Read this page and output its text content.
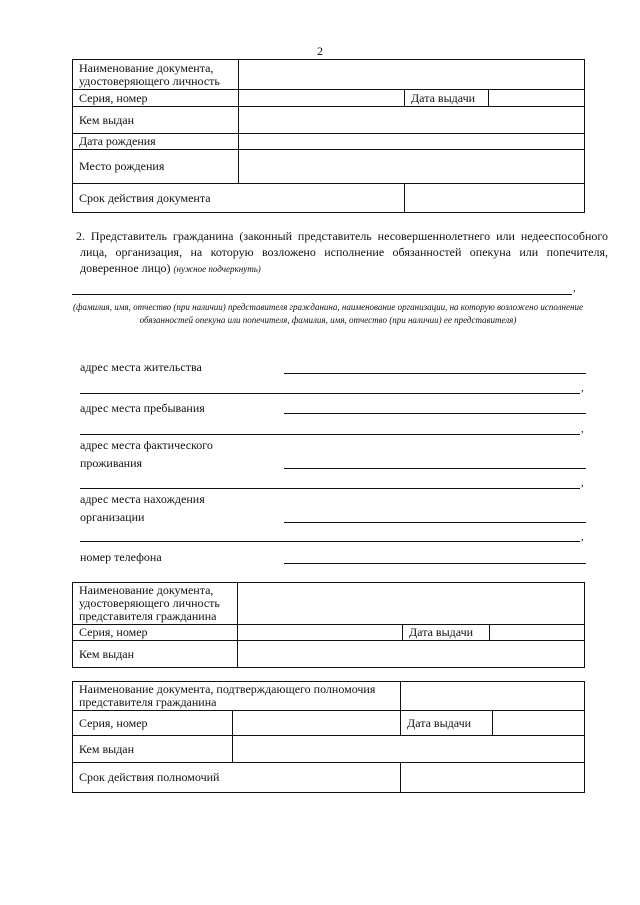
2
Наименование документа, удостоверяющего личность			
Серия, номер		Дата выдачи	
Кем выдан			
Дата рождения			
Место рождения			
Срок действия документа			
2. Представитель гражданина (законный представитель несовершеннолетнего или недееспособного лица, организация, на которую возложено исполнение обязанностей опекуна или попечителя, доверенное лицо) (нужное подчеркнуть)
,
(фамилия, имя, отчество (при наличии) представителя гражданина, наименование организации, на которую возложено исполнение обязанностей опекуна или попечителя, фамилия, имя, отчество (при наличии) ее представителя)
адрес места жительства
,
адрес места пребывания
,
адрес места фактического
проживания
,
адрес места нахождения
организации
,
номер телефона
Наименование документа, удостоверяющего личность представителя гражданина			
Серия, номер		Дата выдачи	
Кем выдан			
Наименование документа, подтверждающего полномочия представителя гражданина			
Серия, номер		Дата выдачи	
Кем выдан			
Срок действия полномочий			
